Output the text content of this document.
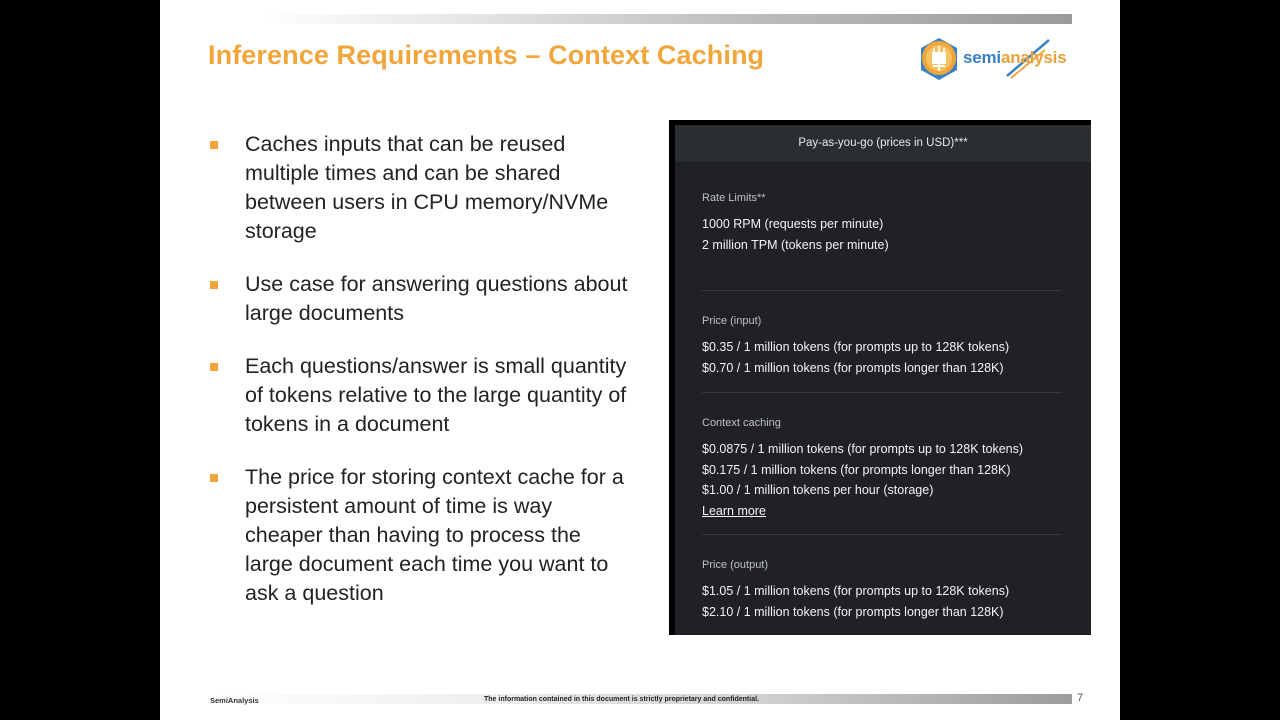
Inference Requirements – Context Caching	semianalysis
Caches inputs that can be reused multiple times and can be shared between users in CPU memory/NVMe storage
Use case for answering questions about large documents
Each questions/answer is small quantity of tokens relative to the large quantity of tokens in a document
The price for storing context cache for a persistent amount of time is way cheaper than having to process the large document each time you want to ask a question
Pay-as-you-go (prices in USD)***
Rate Limits**
1000 RPM (requests per minute)
2 million TPM (tokens per minute)
Price (input)
$0.35 / 1 million tokens (for prompts up to 128K tokens)
$0.70 / 1 million tokens (for prompts longer than 128K)
Context caching
$0.0875 / 1 million tokens (for prompts up to 128K tokens)
$0.175 / 1 million tokens (for prompts longer than 128K)
$1.00 / 1 million tokens per hour (storage)
Learn more
Price (output)
$1.05 / 1 million tokens (for prompts up to 128K tokens)
$2.10 / 1 million tokens (for prompts longer than 128K)
SemiAnalysis	The information contained in this document is strictly proprietary and confidential.	7
